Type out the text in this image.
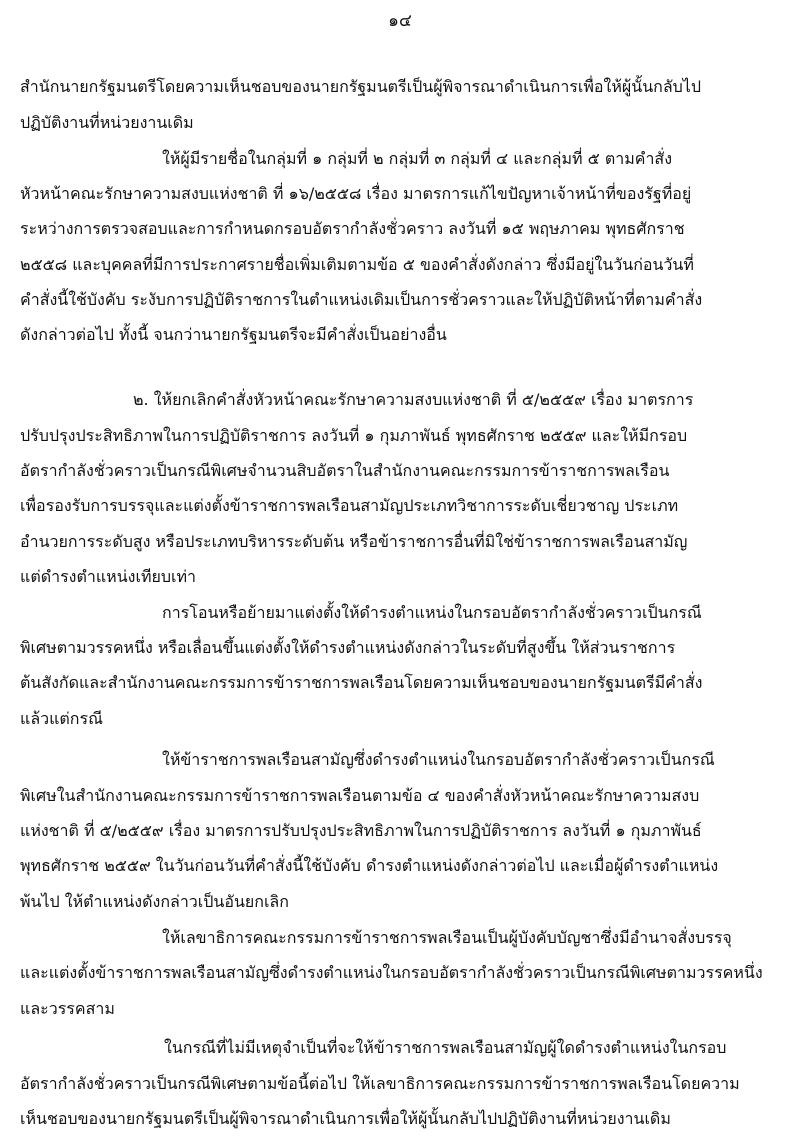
๑๔
สำนักนายกรัฐมนตรีโดยความเห็นชอบของนายกรัฐมนตรีเป็นผู้พิจารณาดำเนินการเพื่อให้ผู้นั้นกลับไป
ปฏิบัติงานที่หน่วยงานเดิม
ให้ผู้มีรายชื่อในกลุ่มที่ ๑ กลุ่มที่ ๒ กลุ่มที่ ๓ กลุ่มที่ ๔ และกลุ่มที่ ๕ ตามคำสั่ง
หัวหน้าคณะรักษาความสงบแห่งชาติ ที่ ๑๖/๒๕๕๘ เรื่อง มาตรการแก้ไขปัญหาเจ้าหน้าที่ของรัฐที่อยู่
ระหว่างการตรวจสอบและการกำหนดกรอบอัตรากำลังชั่วคราว ลงวันที่ ๑๕ พฤษภาคม พุทธศักราช
๒๕๕๘ และบุคคลที่มีการประกาศรายชื่อเพิ่มเติมตามข้อ ๕ ของคำสั่งดังกล่าว ซึ่งมีอยู่ในวันก่อนวันที่
คำสั่งนี้ใช้บังคับ ระงับการปฏิบัติราชการในตำแหน่งเดิมเป็นการชั่วคราวและให้ปฏิบัติหน้าที่ตามคำสั่ง
ดังกล่าวต่อไป ทั้งนี้ จนกว่านายกรัฐมนตรีจะมีคำสั่งเป็นอย่างอื่น
๒. ให้ยกเลิกคำสั่งหัวหน้าคณะรักษาความสงบแห่งชาติ ที่ ๕/๒๕๕๙ เรื่อง มาตรการ
ปรับปรุงประสิทธิภาพในการปฏิบัติราชการ ลงวันที่ ๑ กุมภาพันธ์ พุทธศักราช ๒๕๕๙ และให้มีกรอบ
อัตรากำลังชั่วคราวเป็นกรณีพิเศษจำนวนสิบอัตราในสำนักงานคณะกรรมการข้าราชการพลเรือน
เพื่อรองรับการบรรจุและแต่งตั้งข้าราชการพลเรือนสามัญประเภทวิชาการระดับเชี่ยวชาญ ประเภท
อำนวยการระดับสูง หรือประเภทบริหารระดับต้น หรือข้าราชการอื่นที่มิใช่ข้าราชการพลเรือนสามัญ
แต่ดำรงตำแหน่งเทียบเท่า
การโอนหรือย้ายมาแต่งตั้งให้ดำรงตำแหน่งในกรอบอัตรากำลังชั่วคราวเป็นกรณี
พิเศษตามวรรคหนึ่ง หรือเลื่อนขึ้นแต่งตั้งให้ดำรงตำแหน่งดังกล่าวในระดับที่สูงขึ้น ให้ส่วนราชการ
ต้นสังกัดและสำนักงานคณะกรรมการข้าราชการพลเรือนโดยความเห็นชอบของนายกรัฐมนตรีมีคำสั่ง
แล้วแต่กรณี
ให้ข้าราชการพลเรือนสามัญซึ่งดำรงตำแหน่งในกรอบอัตรากำลังชั่วคราวเป็นกรณี
พิเศษในสำนักงานคณะกรรมการข้าราชการพลเรือนตามข้อ ๔ ของคำสั่งหัวหน้าคณะรักษาความสงบ
แห่งชาติ ที่ ๕/๒๕๕๙ เรื่อง มาตรการปรับปรุงประสิทธิภาพในการปฏิบัติราชการ ลงวันที่ ๑ กุมภาพันธ์
พุทธศักราช ๒๕๕๙ ในวันก่อนวันที่คำสั่งนี้ใช้บังคับ ดำรงตำแหน่งดังกล่าวต่อไป และเมื่อผู้ดำรงตำแหน่ง
พ้นไป ให้ตำแหน่งดังกล่าวเป็นอันยกเลิก
ให้เลขาธิการคณะกรรมการข้าราชการพลเรือนเป็นผู้บังคับบัญชาซึ่งมีอำนาจสั่งบรรจุ
และแต่งตั้งข้าราชการพลเรือนสามัญซึ่งดำรงตำแหน่งในกรอบอัตรากำลังชั่วคราวเป็นกรณีพิเศษตามวรรคหนึ่ง
และวรรคสาม
ในกรณีที่ไม่มีเหตุจำเป็นที่จะให้ข้าราชการพลเรือนสามัญผู้ใดดำรงตำแหน่งในกรอบ
อัตรากำลังชั่วคราวเป็นกรณีพิเศษตามข้อนี้ต่อไป ให้เลขาธิการคณะกรรมการข้าราชการพลเรือนโดยความ
เห็นชอบของนายกรัฐมนตรีเป็นผู้พิจารณาดำเนินการเพื่อให้ผู้นั้นกลับไปปฏิบัติงานที่หน่วยงานเดิม
